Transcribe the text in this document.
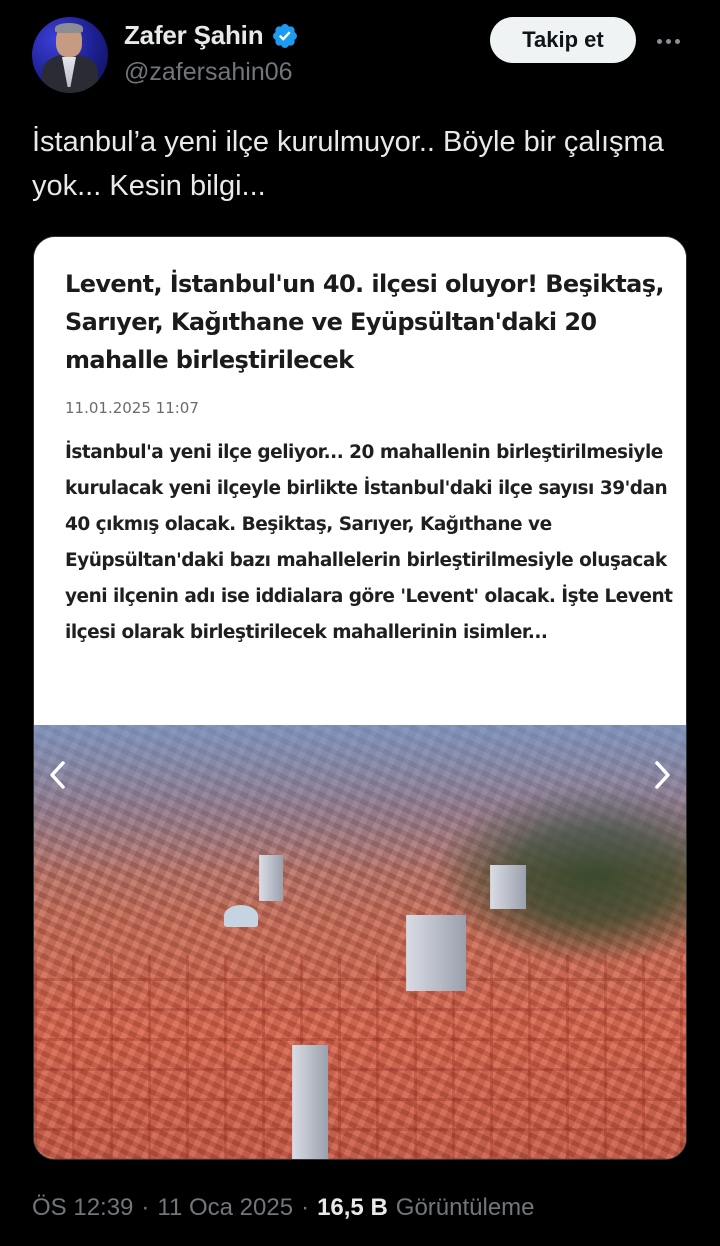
Zafer Şahin
@zafersahin06
Takip et
İstanbul’a yeni ilçe kurulmuyor.. Böyle bir çalışma yok... Kesin bilgi...
Levent, İstanbul'un 40. ilçesi oluyor! Beşiktaş, Sarıyer, Kağıthane ve Eyüpsültan'daki 20 mahalle birleştirilecek
11.01.2025 11:07
İstanbul'a yeni ilçe geliyor... 20 mahallenin birleştirilmesiyle kurulacak yeni ilçeyle birlikte İstanbul'daki ilçe sayısı 39'dan 40 çıkmış olacak. Beşiktaş, Sarıyer, Kağıthane ve Eyüpsültan'daki bazı mahallelerin birleştirilmesiyle oluşacak yeni ilçenin adı ise iddialara göre 'Levent' olacak. İşte Levent ilçesi olarak birleştirilecek mahallerinin isimler...
ÖS 12:39 · 11 Oca 2025 · 16,5 B Görüntüleme
